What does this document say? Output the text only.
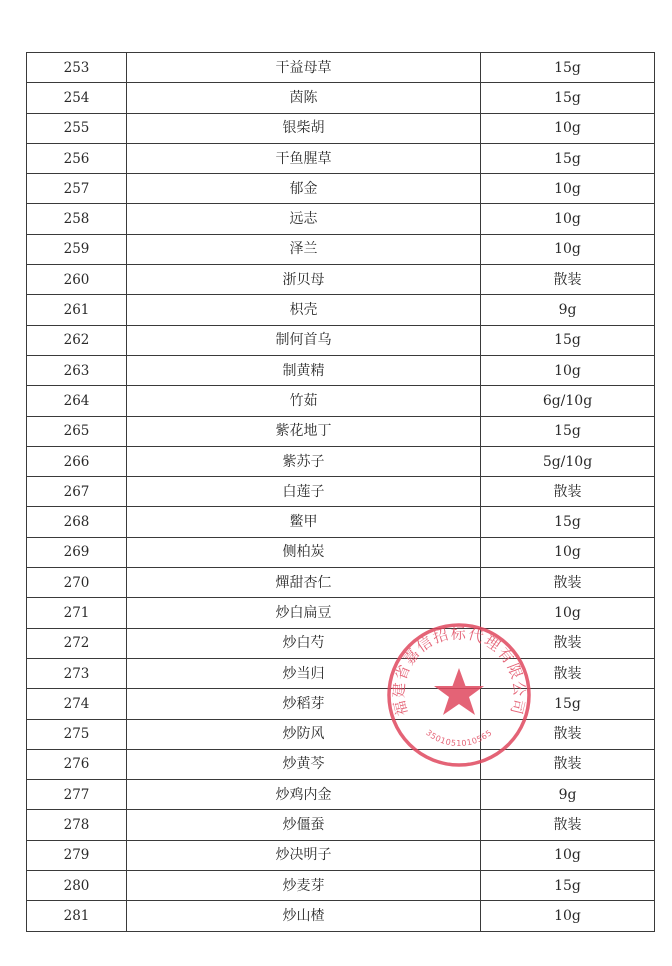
253	干益母草	15g
254	茵陈	15g
255	银柴胡	10g
256	干鱼腥草	15g
257	郁金	10g
258	远志	10g
259	泽兰	10g
260	浙贝母	散装
261	枳壳	9g
262	制何首乌	15g
263	制黄精	10g
264	竹茹	6g/10g
265	紫花地丁	15g
266	紫苏子	5g/10g
267	白莲子	散装
268	鳖甲	15g
269	侧柏炭	10g
270	燀甜杏仁	散装
271	炒白扁豆	10g
272	炒白芍	散装
273	炒当归	散装
274	炒稻芽	15g
275	炒防风	散装
276	炒黄芩	散装
277	炒鸡内金	9g
278	炒僵蚕	散装
279	炒决明子	10g
280	炒麦芽	15g
281	炒山楂	10g
福建省嘉信招标代理有限公司
3501051010565
